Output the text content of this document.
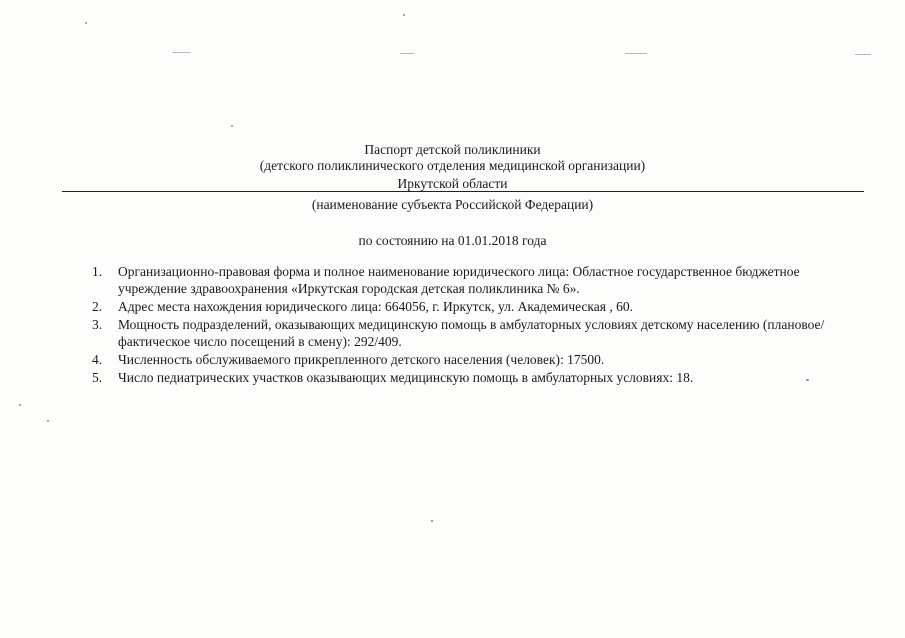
Паспорт детской поликлиники
(детского поликлинического отделения медицинской организации)
Иркутской области
(наименование субъекта Российской Федерации)
по состоянию на 01.01.2018 года
1.	Организационно-правовая форма и полное наименование юридического лица: Областное государственное бюджетное учреждение здравоохранения «Иркутская городская детская поликлиника № 6».
2.	Адрес места нахождения юридического лица: 664056, г. Иркутск, ул. Академическая , 60.
3.	Мощность подразделений, оказывающих медицинскую помощь в амбулаторных условиях детскому населению (плановое/фактическое число посещений в смену): 292/409.
4.	Численность обслуживаемого прикрепленного детского населения (человек): 17500.
5.	Число педиатрических участков оказывающих медицинскую помощь в амбулаторных условиях: 18.
